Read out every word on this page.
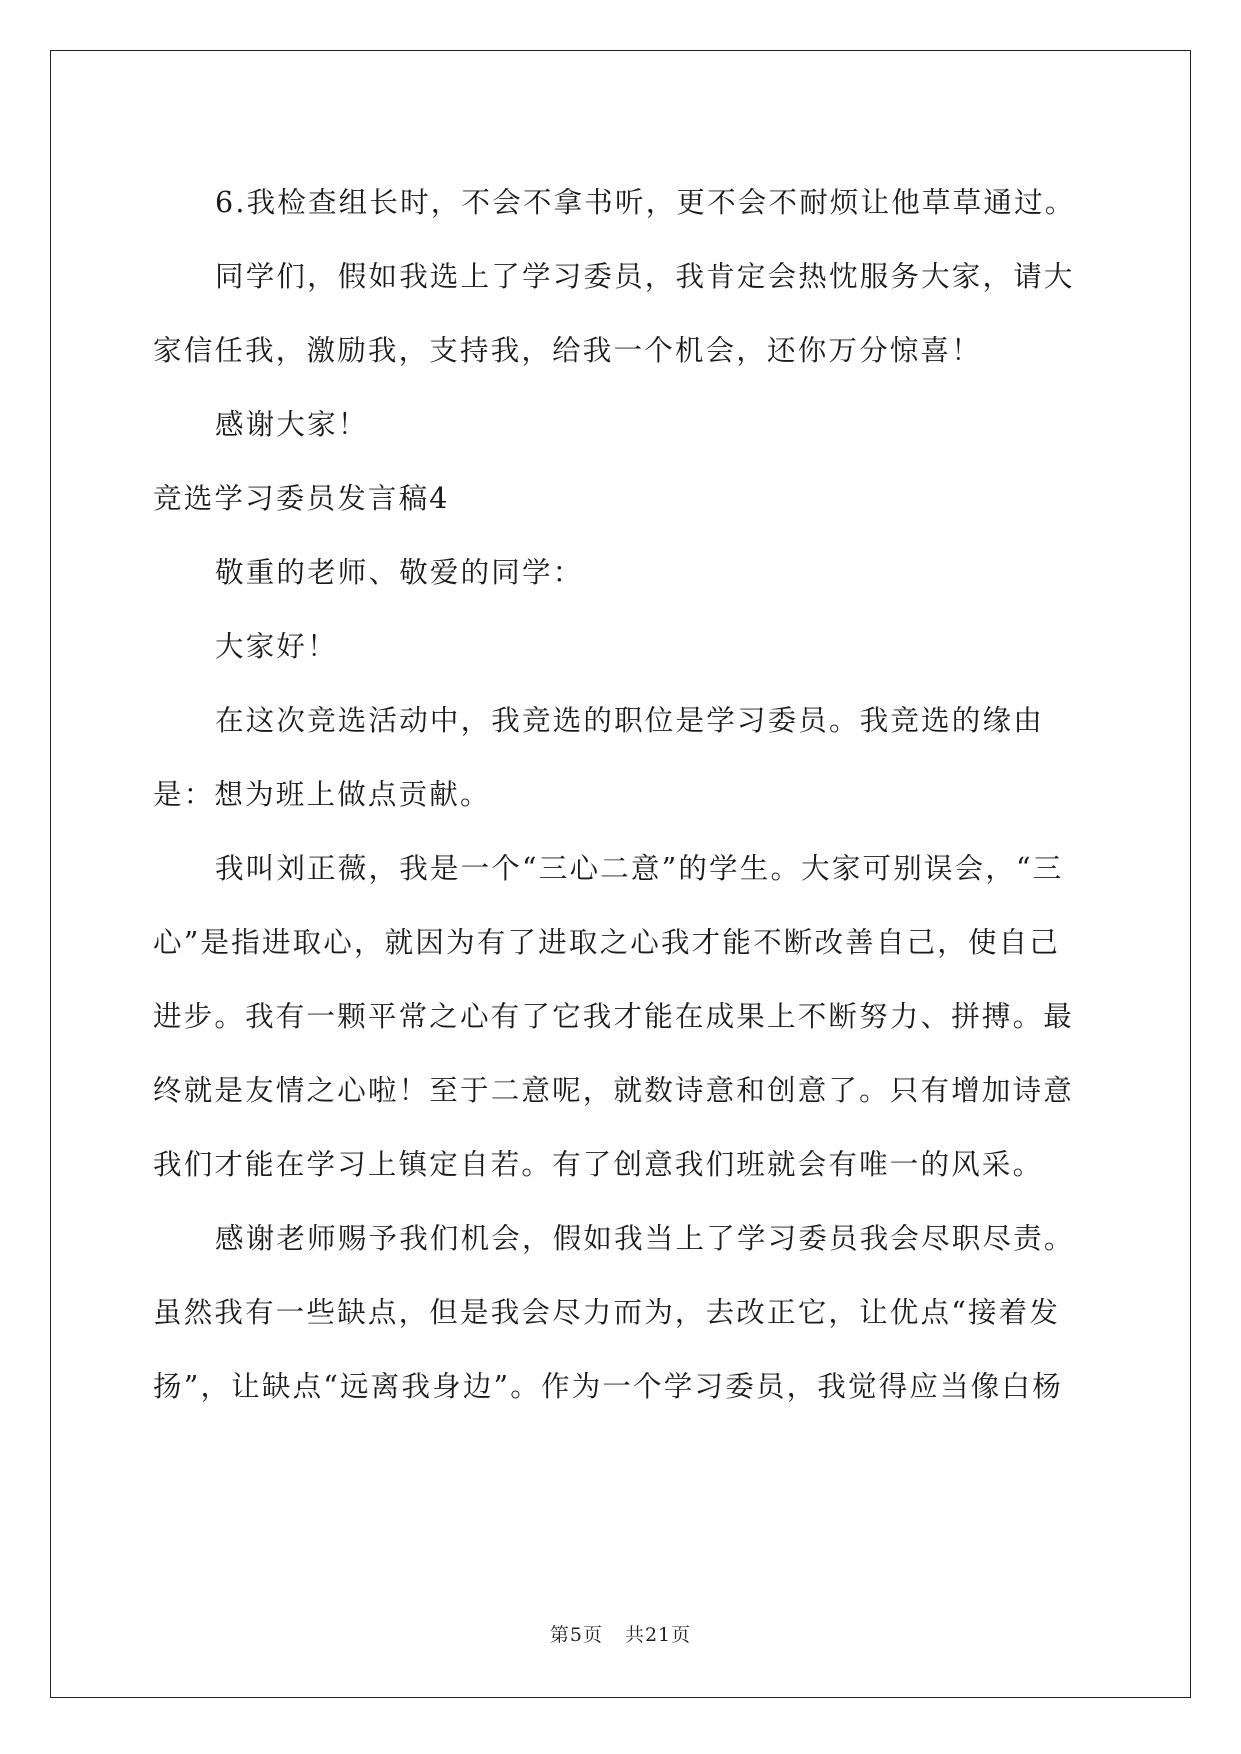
6.我检查组长时，不会不拿书听，更不会不耐烦让他草草通过。

同学们，假如我选上了学习委员，我肯定会热忱服务大家，请大家信任我，激励我，支持我，给我一个机会，还你万分惊喜！

感谢大家！

竞选学习委员发言稿4

敬重的老师、敬爱的同学：

大家好！

在这次竞选活动中，我竞选的职位是学习委员。我竞选的缘由是：想为班上做点贡献。

我叫刘正薇，我是一个“三心二意”的学生。大家可别误会，“三心”是指进取心，就因为有了进取之心我才能不断改善自己，使自己进步。我有一颗平常之心有了它我才能在成果上不断努力、拼搏。最终就是友情之心啦！至于二意呢，就数诗意和创意了。只有增加诗意我们才能在学习上镇定自若。有了创意我们班就会有唯一的风采。

感谢老师赐予我们机会，假如我当上了学习委员我会尽职尽责。虽然我有一些缺点，但是我会尽力而为，去改正它，让优点“接着发扬”，让缺点“远离我身边”。作为一个学习委员，我觉得应当像白杨

第5页 共21页
